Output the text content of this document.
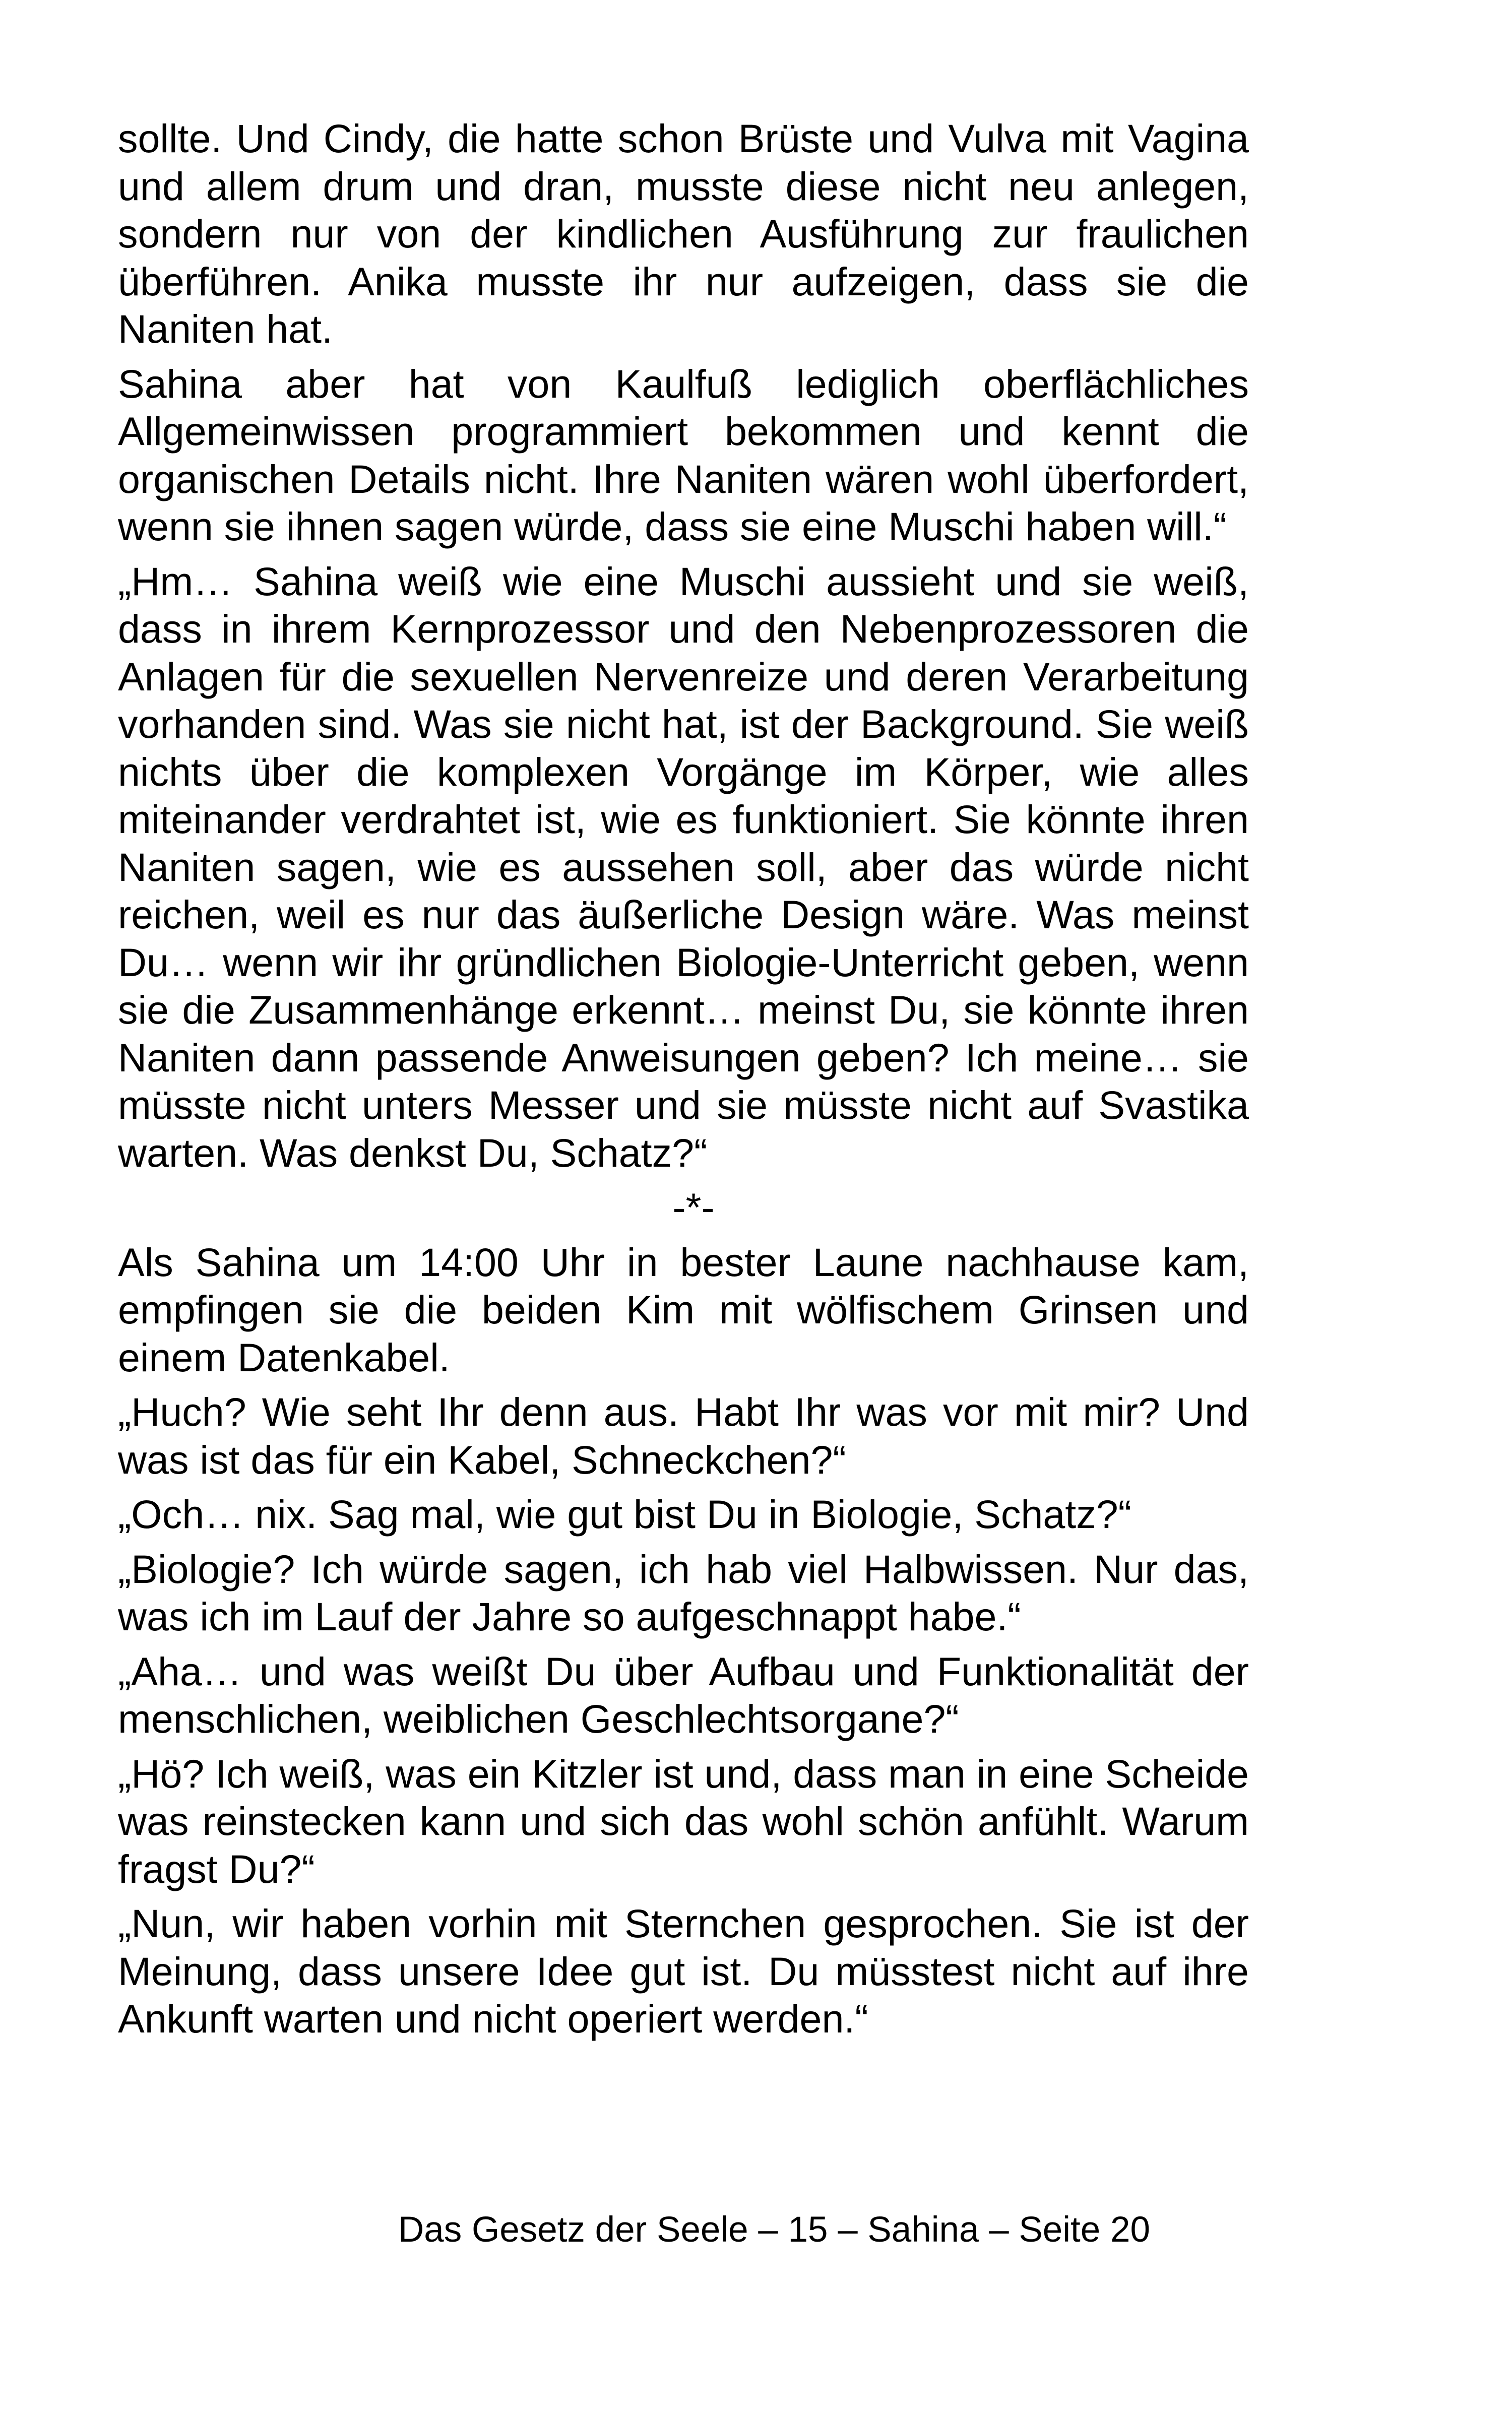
sollte. Und Cindy, die hatte schon Brüste und Vulva mit Vagina und allem drum und dran, musste diese nicht neu anlegen, sondern nur von der kindlichen Ausführung zur fraulichen überführen. Anika musste ihr nur aufzeigen, dass sie die Naniten hat.

Sahina aber hat von Kaulfuß lediglich oberflächliches Allgemeinwissen programmiert bekommen und kennt die organischen Details nicht. Ihre Naniten wären wohl überfordert, wenn sie ihnen sagen würde, dass sie eine Muschi haben will.“

„Hm… Sahina weiß wie eine Muschi aussieht und sie weiß, dass in ihrem Kernprozessor und den Nebenprozessoren die Anlagen für die sexuellen Nervenreize und deren Verarbeitung vorhanden sind. Was sie nicht hat, ist der Background. Sie weiß nichts über die komplexen Vorgänge im Körper, wie alles miteinander verdrahtet ist, wie es funktioniert. Sie könnte ihren Naniten sagen, wie es aussehen soll, aber das würde nicht reichen, weil es nur das äußerliche Design wäre. Was meinst Du… wenn wir ihr gründlichen Biologie-Unterricht geben, wenn sie die Zusammenhänge erkennt… meinst Du, sie könnte ihren Naniten dann passende Anweisungen geben? Ich meine… sie müsste nicht unters Messer und sie müsste nicht auf Svastika warten. Was denkst Du, Schatz?“

-*-

Als Sahina um 14:00 Uhr in bester Laune nachhause kam, empfingen sie die beiden Kim mit wölfischem Grinsen und einem Datenkabel.

„Huch? Wie seht Ihr denn aus. Habt Ihr was vor mit mir? Und was ist das für ein Kabel, Schneckchen?“

„Och… nix. Sag mal, wie gut bist Du in Biologie, Schatz?“

„Biologie? Ich würde sagen, ich hab viel Halbwissen. Nur das, was ich im Lauf der Jahre so aufgeschnappt habe.“

„Aha… und was weißt Du über Aufbau und Funktionalität der menschlichen, weiblichen Geschlechtsorgane?“

„Hö? Ich weiß, was ein Kitzler ist und, dass man in eine Scheide was reinstecken kann und sich das wohl schön anfühlt. Warum fragst Du?“

„Nun, wir haben vorhin mit Sternchen gesprochen. Sie ist der Meinung, dass unsere Idee gut ist. Du müsstest nicht auf ihre Ankunft warten und nicht operiert werden.“

Das Gesetz der Seele – 15 – Sahina – Seite 20
